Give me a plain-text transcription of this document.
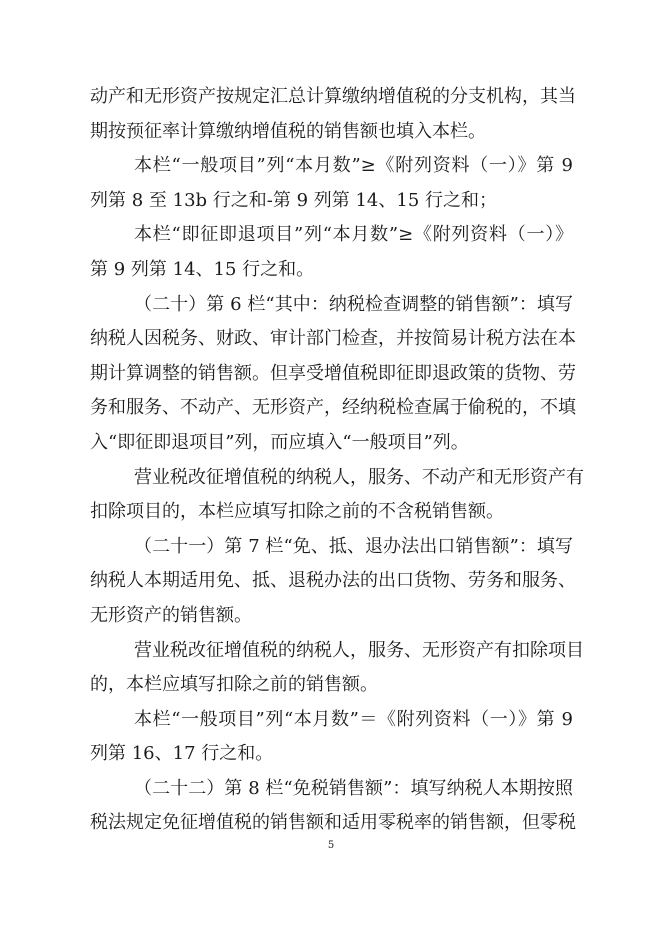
动产和无形资产按规定汇总计算缴纳增值税的分支机构，其当
期按预征率计算缴纳增值税的销售额也填入本栏。
本栏“一般项目”列“本月数”≥《附列资料（一）》第 9
列第 8 至 13b 行之和-第 9 列第 14、15 行之和；
本栏“即征即退项目”列“本月数”≥《附列资料（一）》
第 9 列第 14、15 行之和。
（二十）第 6 栏“其中：纳税检查调整的销售额”：填写
纳税人因税务、财政、审计部门检查，并按简易计税方法在本
期计算调整的销售额。但享受增值税即征即退政策的货物、劳
务和服务、不动产、无形资产，经纳税检查属于偷税的，不填
入“即征即退项目”列，而应填入“一般项目”列。
营业税改征增值税的纳税人，服务、不动产和无形资产有
扣除项目的，本栏应填写扣除之前的不含税销售额。
（二十一）第 7 栏“免、抵、退办法出口销售额”：填写
纳税人本期适用免、抵、退税办法的出口货物、劳务和服务、
无形资产的销售额。
营业税改征增值税的纳税人，服务、无形资产有扣除项目
的，本栏应填写扣除之前的销售额。
本栏“一般项目”列“本月数”＝《附列资料（一）》第 9
列第 16、17 行之和。
（二十二）第 8 栏“免税销售额”：填写纳税人本期按照
税法规定免征增值税的销售额和适用零税率的销售额，但零税
5
